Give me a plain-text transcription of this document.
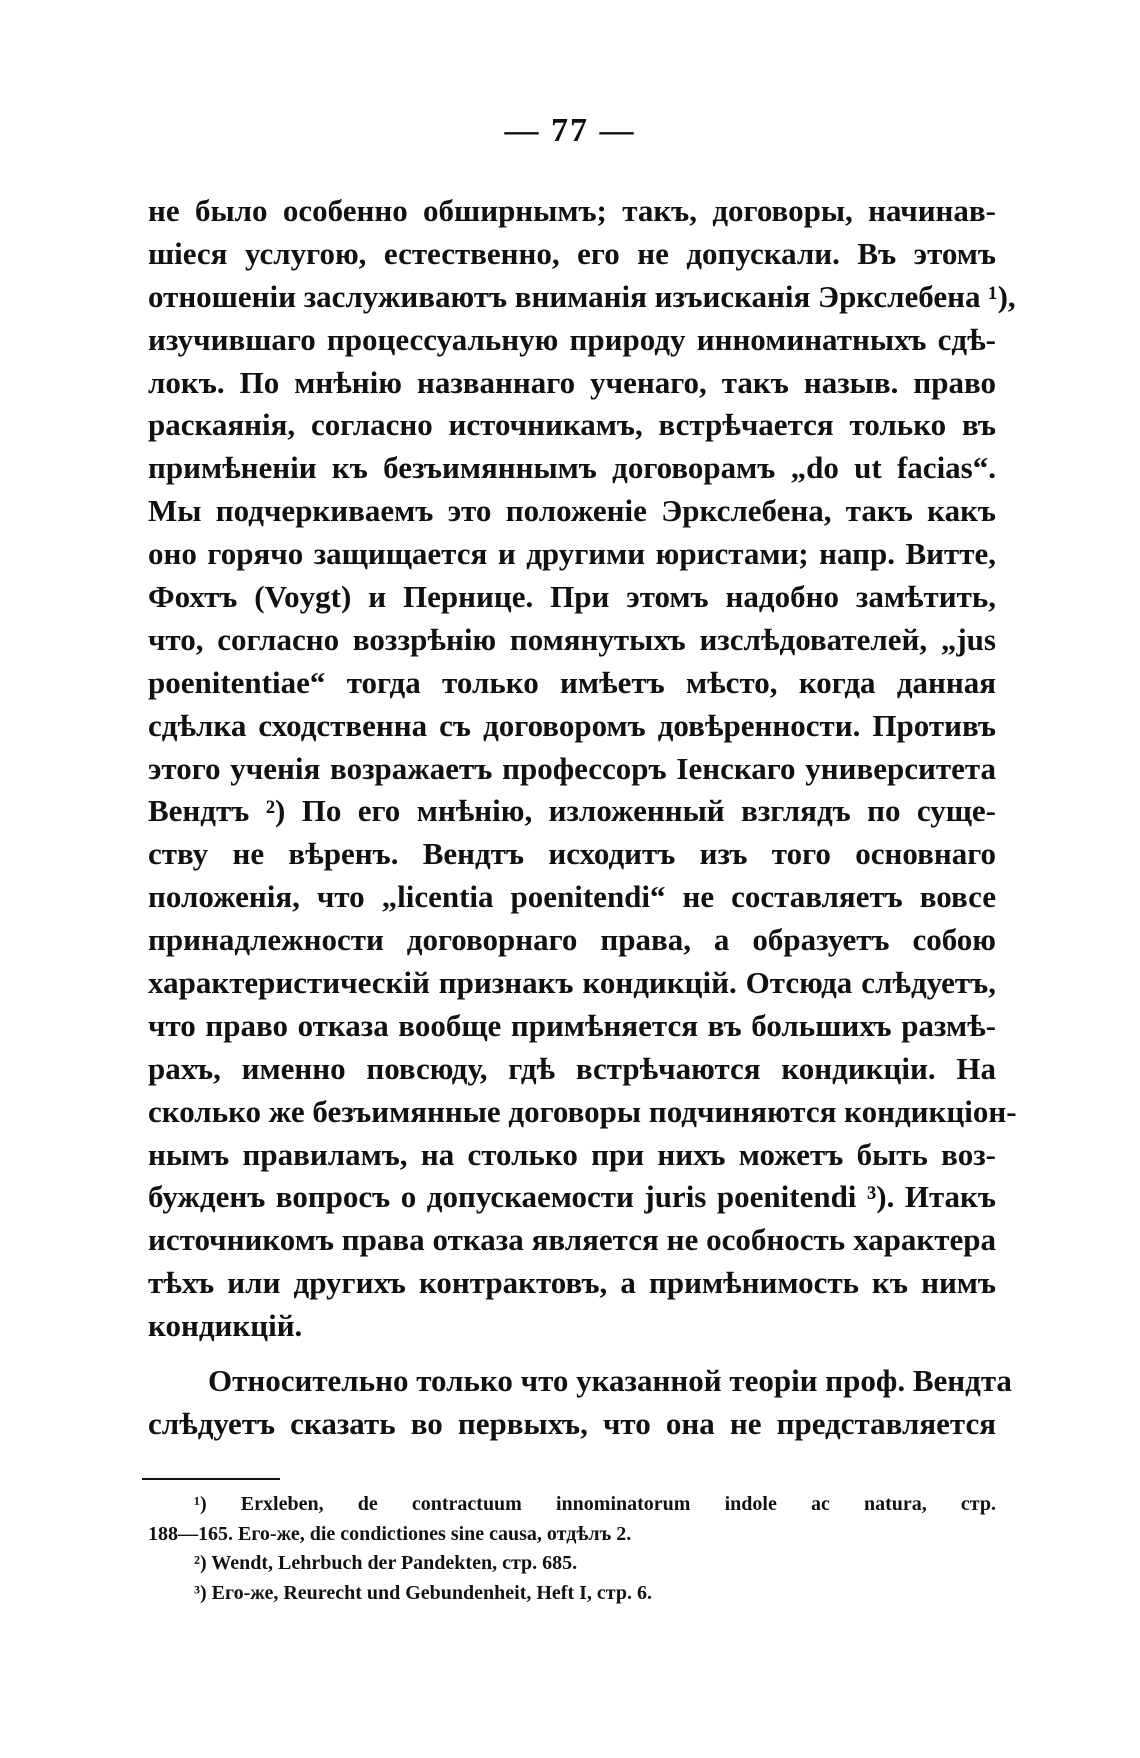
— 77 —
не было особенно обширнымъ; такъ, договоры, начинав-
шіеся услугою, естественно, его не допускали. Въ этомъ
отношеніи заслуживаютъ вниманія изъисканія Эркслебена ¹),
изучившаго процессуальную природу инноминатныхъ сдѣ-
локъ. По мнѣнію названнаго ученаго, такъ назыв. право
раскаянія, согласно источникамъ, встрѣчается только въ
примѣненіи къ безъимяннымъ договорамъ „do ut facias“.
Мы подчеркиваемъ это положеніе Эркслебена, такъ какъ
оно горячо защищается и другими юристами; напр. Витте,
Фохтъ (Voygt) и Перницe. При этомъ надобно замѣтить,
что, согласно воззрѣнію помянутыхъ изслѣдователей, „jus
poenitentiae“ тогда только имѣетъ мѣсто, когда данная
сдѣлка сходственна съ договоромъ довѣренности. Противъ
этого ученія возражаетъ профессоръ Іенскаго университета
Вендтъ ²) По его мнѣнію, изложенный взглядъ по суще-
ству не вѣренъ. Вендтъ исходитъ изъ того основнаго
положенія, что „licentia poenitendi“ не составляетъ вовсе
принадлежности договорнаго права, а образуетъ собою
характеристическій признакъ кондикцій. Отсюда слѣдуетъ,
что право отказа вообще примѣняется въ большихъ размѣ-
рахъ, именно повсюду, гдѣ встрѣчаются кондикціи. На
сколько же безъимянные договоры подчиняются кондикціон-
нымъ правиламъ, на столько при нихъ можетъ быть воз-
бужденъ вопросъ о допускаемости juris poenitendi ³). Итакъ
источникомъ права отказа является не особность характера
тѣхъ или другихъ контрактовъ, а примѣнимость къ нимъ
кондикцій.
Относительно только что указанной теоріи проф. Вендта
слѣдуетъ сказать во первыхъ, что она не представляется
¹) Erxleben, de contractuum innominatorum indole ac natura, стр.
188—165. Его-же, die condictiones sine causa, отдѣлъ 2.
²) Wendt, Lehrbuch der Pandekten, стр. 685.
³) Его-же, Reurecht und Gebundenheit, Heft I, стр. 6.
